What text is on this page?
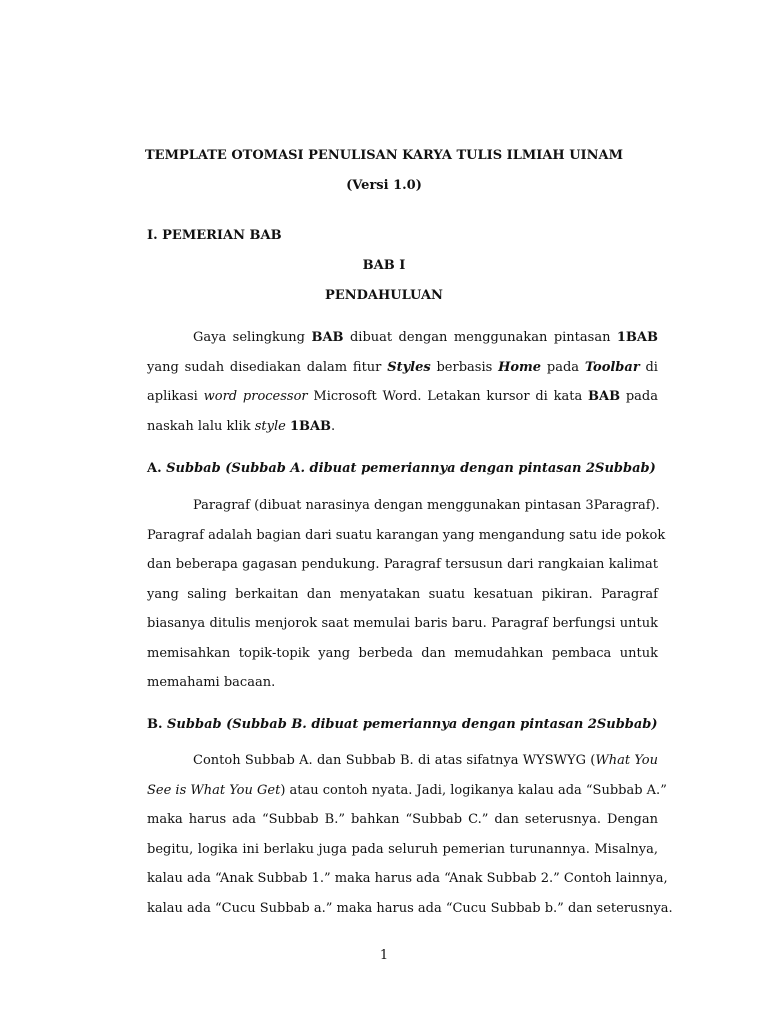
TEMPLATE OTOMASI PENULISAN KARYA TULIS ILMIAH UINAM
(Versi 1.0)
I. PEMERIAN BAB
BAB I
PENDAHULUAN
Gaya selingkung BAB dibuat dengan menggunakan pintasan 1BAB
yang sudah disediakan dalam fitur Styles berbasis Home pada Toolbar di
aplikasi word processor Microsoft Word. Letakan kursor di kata BAB pada
naskah lalu klik style 1BAB.
A. Subbab (Subbab A. dibuat pemeriannya dengan pintasan 2Subbab)
Paragraf (dibuat narasinya dengan menggunakan pintasan 3Paragraf).
Paragraf adalah bagian dari suatu karangan yang mengandung satu ide pokok
dan beberapa gagasan pendukung. Paragraf tersusun dari rangkaian kalimat
yang saling berkaitan dan menyatakan suatu kesatuan pikiran. Paragraf
biasanya ditulis menjorok saat memulai baris baru. Paragraf berfungsi untuk
memisahkan topik-topik yang berbeda dan memudahkan pembaca untuk
memahami bacaan.
B. Subbab (Subbab B. dibuat pemeriannya dengan pintasan 2Subbab)
Contoh Subbab A. dan Subbab B. di atas sifatnya WYSWYG (What You
See is What You Get) atau contoh nyata. Jadi, logikanya kalau ada “Subbab A.”
maka harus ada “Subbab B.” bahkan “Subbab C.” dan seterusnya. Dengan
begitu, logika ini berlaku juga pada seluruh pemerian turunannya. Misalnya,
kalau ada “Anak Subbab 1.” maka harus ada “Anak Subbab 2.” Contoh lainnya,
kalau ada “Cucu Subbab a.” maka harus ada “Cucu Subbab b.” dan seterusnya.
1
